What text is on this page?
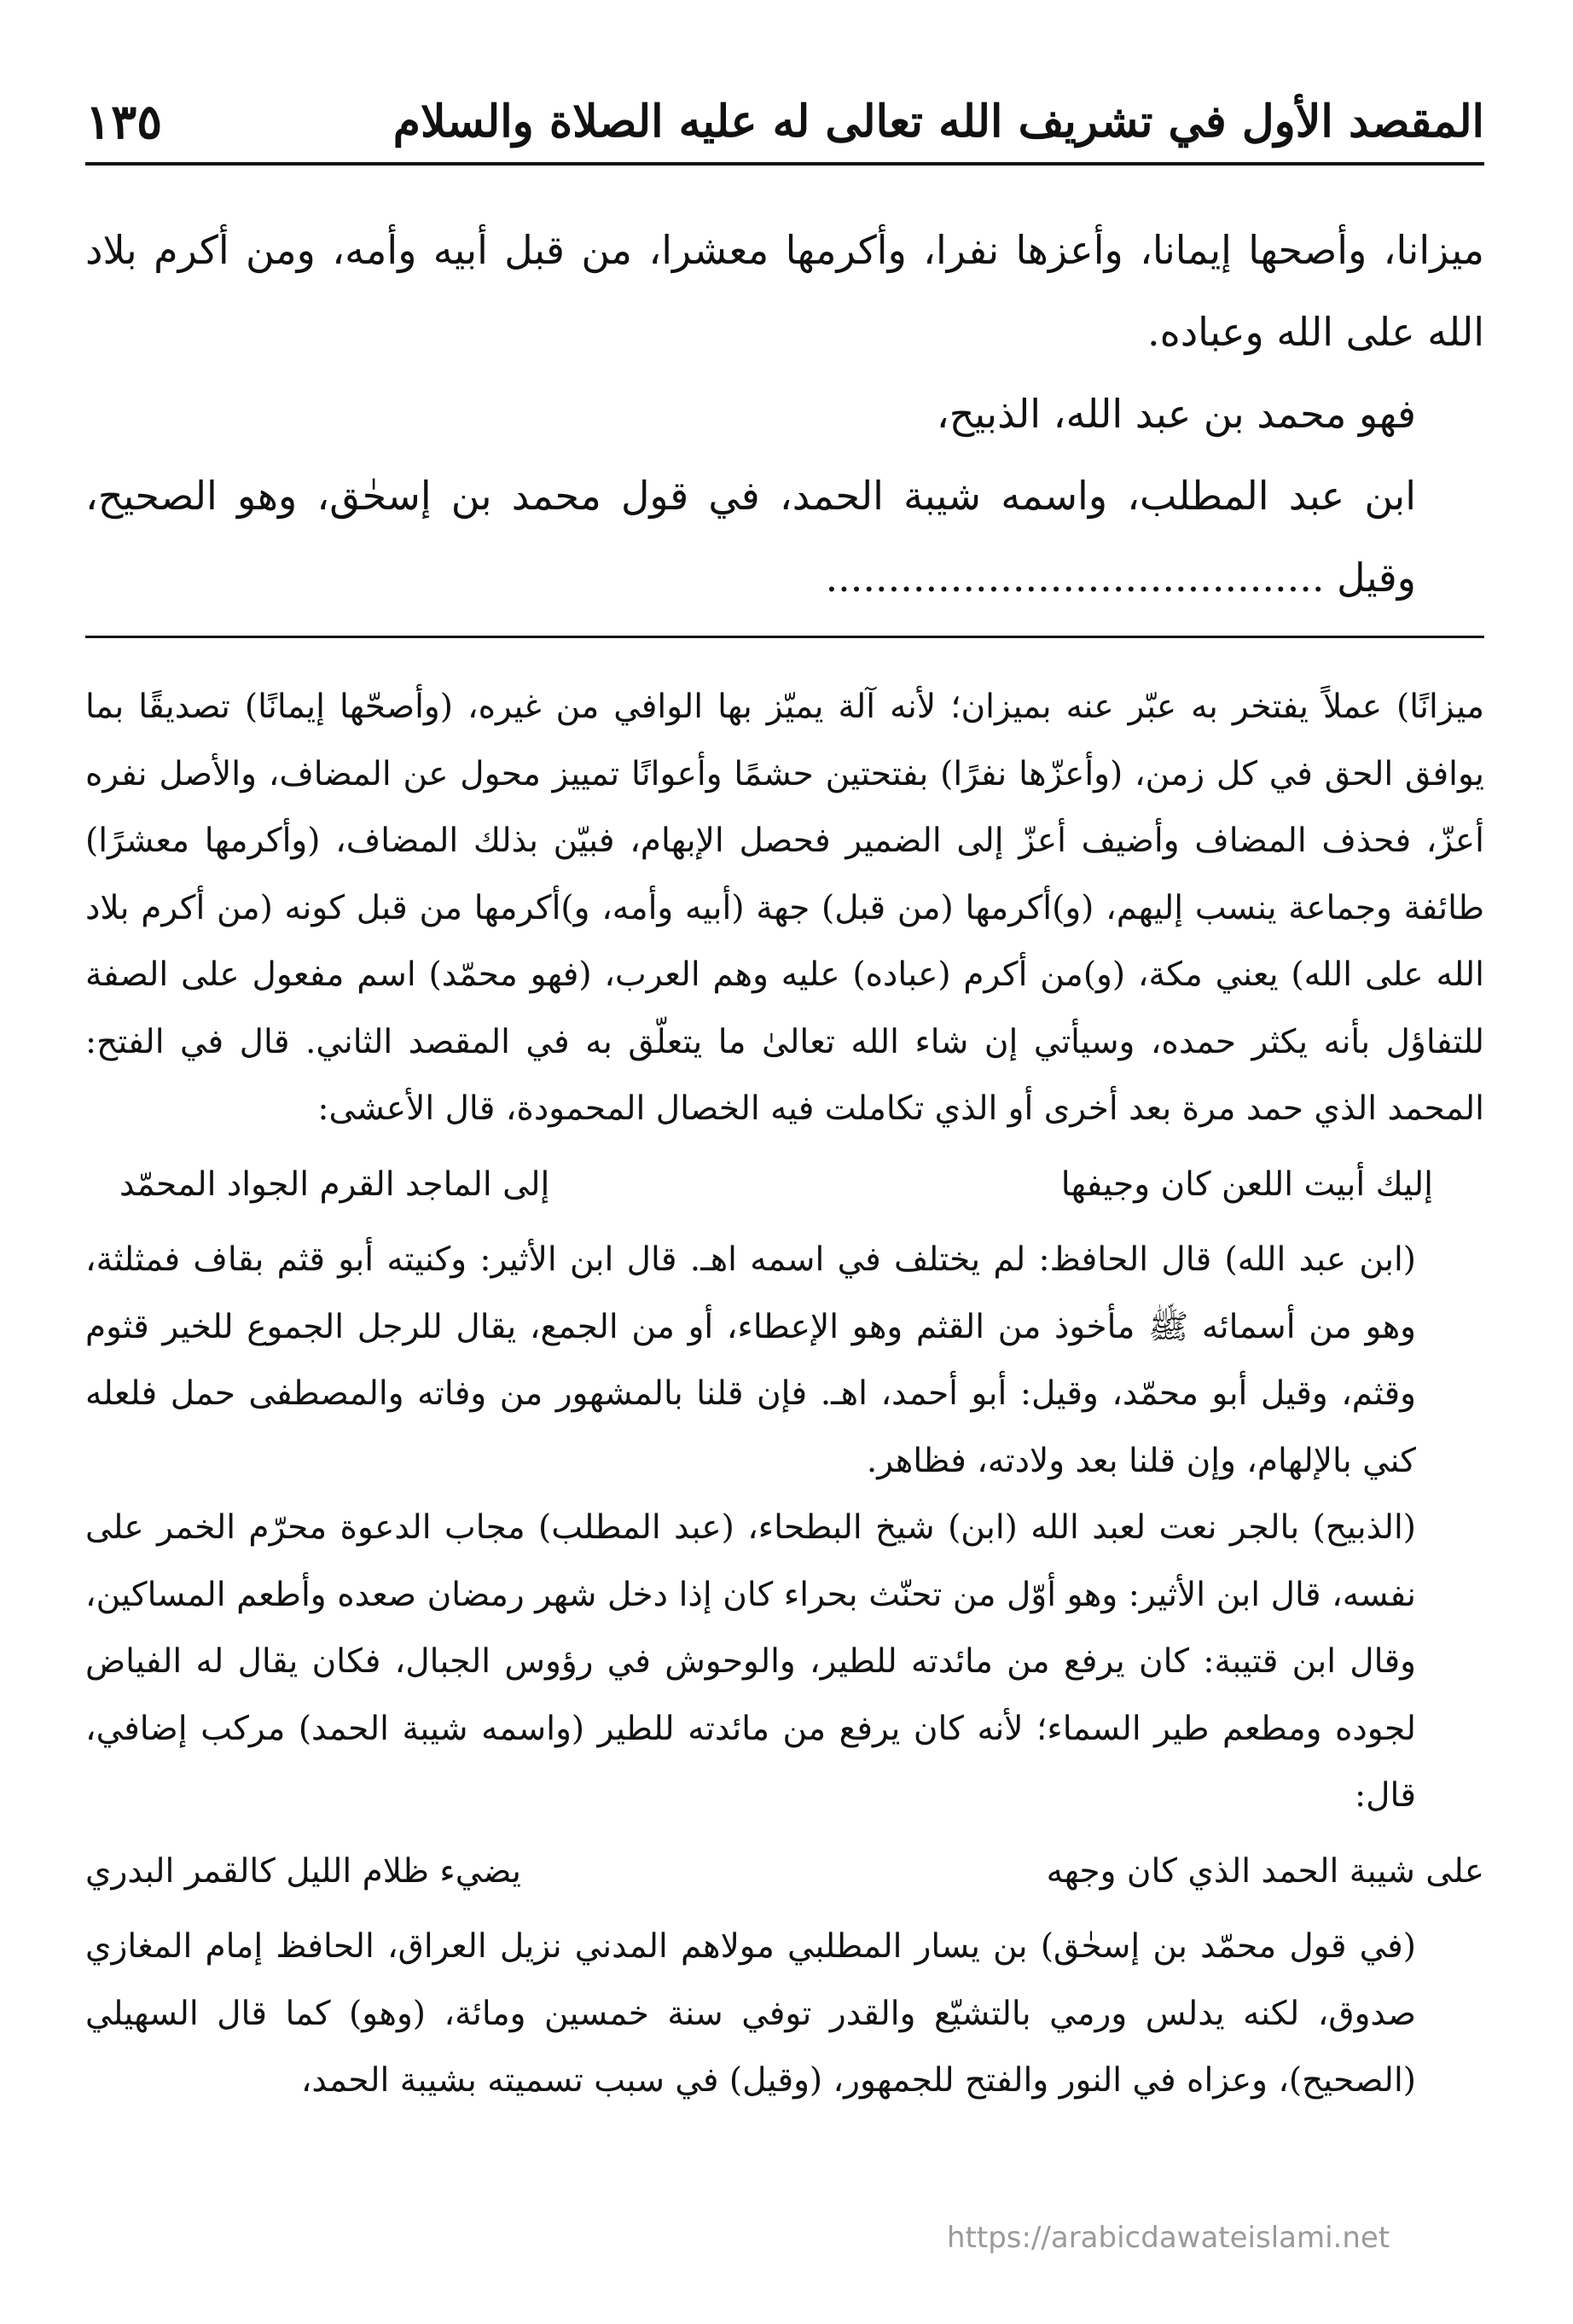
المقصد الأول في تشريف الله تعالى له عليه الصلاة والسلام
١٣٥

ميزانا، وأصحها إيمانا، وأعزها نفرا، وأكرمها معشرا، من قبل أبيه وأمه، ومن أكرم بلاد الله على الله وعباده.

فهو محمد بن عبد الله، الذبيح،

ابن عبد المطلب، واسمه شيبة الحمد، في قول محمد بن إسحٰق، وهو الصحيح، وقيل ........................................

ميزانًا) عملاً يفتخر به عبّر عنه بميزان؛ لأنه آلة يميّز بها الوافي من غيره، (وأصحّها إيمانًا) تصديقًا بما يوافق الحق في كل زمن، (وأعزّها نفرًا) بفتحتين حشمًا وأعوانًا تمييز محول عن المضاف، والأصل نفره أعزّ، فحذف المضاف وأضيف أعزّ إلى الضمير فحصل الإبهام، فبيّن بذلك المضاف، (وأكرمها معشرًا) طائفة وجماعة ينسب إليهم، (و)أكرمها (من قبل) جهة (أبيه وأمه، و)أكرمها من قبل كونه (من أكرم بلاد الله على الله) يعني مكة، (و)من أكرم (عباده) عليه وهم العرب، (فهو محمّد) اسم مفعول على الصفة للتفاؤل بأنه يكثر حمده، وسيأتي إن شاء الله تعالىٰ ما يتعلّق به في المقصد الثاني. قال في الفتح: المحمد الذي حمد مرة بعد أخرى أو الذي تكاملت فيه الخصال المحمودة، قال الأعشى:

إليك أبيت اللعن كان وجيفها
إلى الماجد القرم الجواد المحمّد

(ابن عبد الله) قال الحافظ: لم يختلف في اسمه اهـ. قال ابن الأثير: وكنيته أبو قثم بقاف فمثلثة، وهو من أسمائه ﷺ مأخوذ من القثم وهو الإعطاء، أو من الجمع، يقال للرجل الجموع للخير قثوم وقثم، وقيل أبو محمّد، وقيل: أبو أحمد، اهـ. فإن قلنا بالمشهور من وفاته والمصطفى حمل فلعله كني بالإلهام، وإن قلنا بعد ولادته، فظاهر.

(الذبيح) بالجر نعت لعبد الله (ابن) شيخ البطحاء، (عبد المطلب) مجاب الدعوة محرّم الخمر على نفسه، قال ابن الأثير: وهو أوّل من تحنّث بحراء كان إذا دخل شهر رمضان صعده وأطعم المساكين، وقال ابن قتيبة: كان يرفع من مائدته للطير، والوحوش في رؤوس الجبال، فكان يقال له الفياض لجوده ومطعم طير السماء؛ لأنه كان يرفع من مائدته للطير (واسمه شيبة الحمد) مركب إضافي، قال:

على شيبة الحمد الذي كان وجهه
يضيء ظلام الليل كالقمر البدري

(في قول محمّد بن إسحٰق) بن يسار المطلبي مولاهم المدني نزيل العراق، الحافظ إمام المغازي صدوق، لكنه يدلس ورمي بالتشيّع والقدر توفي سنة خمسين ومائة، (وهو) كما قال السهيلي (الصحيح)، وعزاه في النور والفتح للجمهور، (وقيل) في سبب تسميته بشيبة الحمد،

https://arabicdawateislami.net
